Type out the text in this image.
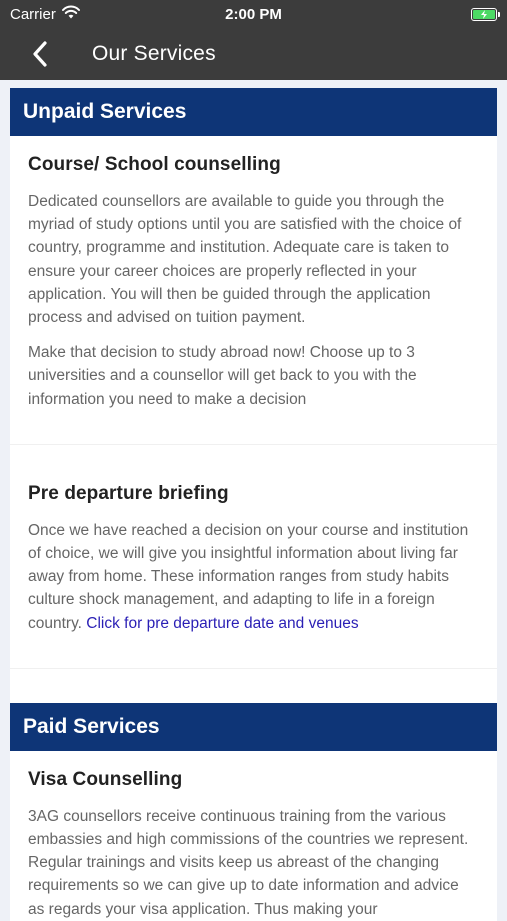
Carrier	2:00 PM
Our Services
Unpaid Services
Course/ School counselling

Dedicated counsellors are available to guide you through the myriad of study options until you are satisfied with the choice of country, programme and institution. Adequate care is taken to ensure your career choices are properly reflected in your application. You will then be guided through the application process and advised on tuition payment.

Make that decision to study abroad now! Choose up to 3 universities and a counsellor will get back to you with the information you need to make a decision

Pre departure briefing

Once we have reached a decision on your course and institution of choice, we will give you insightful information about living far away from home. These information ranges from study habits culture shock management, and adapting to life in a foreign country. Click for pre departure date and venues

Paid Services
Visa Counselling

3AG counsellors receive continuous training from the various embassies and high commissions of the countries we represent. Regular trainings and visits keep us abreast of the changing requirements so we can give up to date information and advice as regards your visa application. Thus making your
